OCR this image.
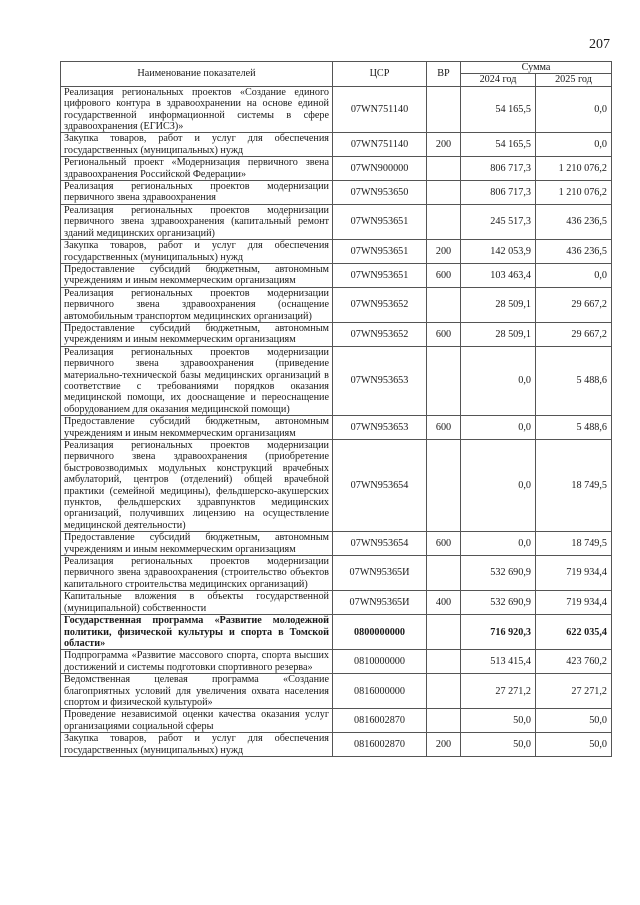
207
Наименование показателей	ЦСР	ВР	Сумма	
			2024 год	2025 год
Реализация региональных проектов «Создание единого цифрового контура в здравоохранении на основе единой государственной информационной системы в сфере здравоохранения (ЕГИСЗ)»	07WN751140		54 165,5	0,0
Закупка товаров, работ и услуг для обеспечения государственных (муниципальных) нужд	07WN751140	200	54 165,5	0,0
Региональный проект «Модернизация первичного звена здравоохранения Российской Федерации»	07WN900000		806 717,3	1 210 076,2
Реализация региональных проектов модернизации первичного звена здравоохранения	07WN953650		806 717,3	1 210 076,2
Реализация региональных проектов модернизации первичного звена здравоохранения (капитальный ремонт зданий медицинских организаций)	07WN953651		245 517,3	436 236,5
Закупка товаров, работ и услуг для обеспечения государственных (муниципальных) нужд	07WN953651	200	142 053,9	436 236,5
Предоставление субсидий бюджетным, автономным учреждениям и иным некоммерческим организациям	07WN953651	600	103 463,4	0,0
Реализация региональных проектов модернизации первичного звена здравоохранения (оснащение автомобильным транспортом медицинских организаций)	07WN953652		28 509,1	29 667,2
Предоставление субсидий бюджетным, автономным учреждениям и иным некоммерческим организациям	07WN953652	600	28 509,1	29 667,2
Реализация региональных проектов модернизации первичного звена здравоохранения (приведение материально-технической базы медицинских организаций в соответствие с требованиями порядков оказания медицинской помощи, их дооснащение и переоснащение оборудованием для оказания медицинской помощи)	07WN953653		0,0	5 488,6
Предоставление субсидий бюджетным, автономным учреждениям и иным некоммерческим организациям	07WN953653	600	0,0	5 488,6
Реализация региональных проектов модернизации первичного звена здравоохранения (приобретение быстровозводимых модульных конструкций врачебных амбулаторий, центров (отделений) общей врачебной практики (семейной медицины), фельдшерско-акушерских пунктов, фельдшерских здравпунктов медицинских организаций, получивших лицензию на осуществление медицинской деятельности)	07WN953654		0,0	18 749,5
Предоставление субсидий бюджетным, автономным учреждениям и иным некоммерческим организациям	07WN953654	600	0,0	18 749,5
Реализация региональных проектов модернизации первичного звена здравоохранения (строительство объектов капитального строительства медицинских организаций)	07WN95365И		532 690,9	719 934,4
Капитальные вложения в объекты государственной (муниципальной) собственности	07WN95365И	400	532 690,9	719 934,4
Государственная программа «Развитие молодежной политики, физической культуры и спорта в Томской области»	0800000000		716 920,3	622 035,4
Подпрограмма «Развитие массового спорта, спорта высших достижений и системы подготовки спортивного резерва»	0810000000		513 415,4	423 760,2
Ведомственная целевая программа «Создание благоприятных условий для увеличения охвата населения спортом и физической культурой»	0816000000		27 271,2	27 271,2
Проведение независимой оценки качества оказания услуг организациями социальной сферы	0816002870		50,0	50,0
Закупка товаров, работ и услуг для обеспечения государственных (муниципальных) нужд	0816002870	200	50,0	50,0
